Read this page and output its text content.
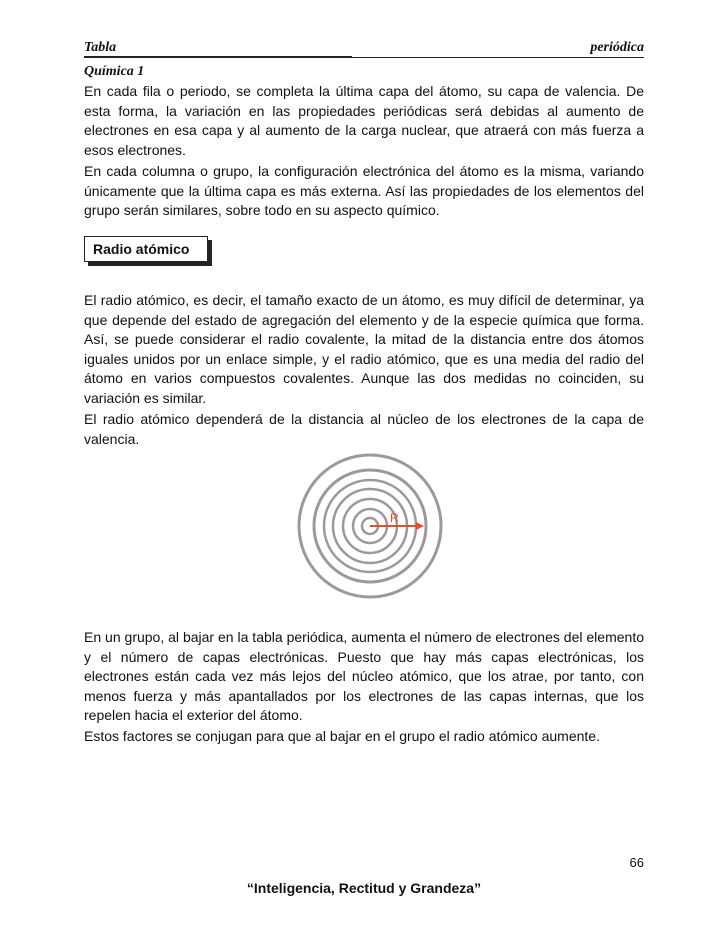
Tabla	periódica
Química 1

En cada fila o periodo, se completa la última capa del átomo, su capa de valencia. De esta forma, la variación en las propiedades periódicas será debidas al aumento de electrones en esa capa y al aumento de la carga nuclear, que atraerá con más fuerza a esos electrones.

En cada columna o grupo, la configuración electrónica del átomo es la misma, variando únicamente que la última capa es más externa. Así las propiedades de los elementos del grupo serán similares, sobre todo en su aspecto químico.

Radio atómico

El radio atómico, es decir, el tamaño exacto de un átomo, es muy difícil de determinar, ya que depende del estado de agregación del elemento y de la especie química que forma. Así, se puede considerar el radio covalente, la mitad de la distancia entre dos átomos iguales unidos por un enlace simple, y el radio atómico, que es una media del radio del átomo en varios compuestos covalentes. Aunque las dos medidas no coinciden, su variación es similar.

El radio atómico dependerá de la distancia al núcleo de los electrones de la capa de valencia.

R

En un grupo, al bajar en la tabla periódica, aumenta el número de electrones del elemento y el número de capas electrónicas. Puesto que hay más capas electrónicas, los electrones están cada vez más lejos del núcleo atómico, que los atrae, por tanto, con menos fuerza y más apantallados por los electrones de las capas internas, que los repelen hacia el exterior del átomo.

Estos factores se conjugan para que al bajar en el grupo el radio atómico aumente.

66
“Inteligencia, Rectitud y Grandeza”
